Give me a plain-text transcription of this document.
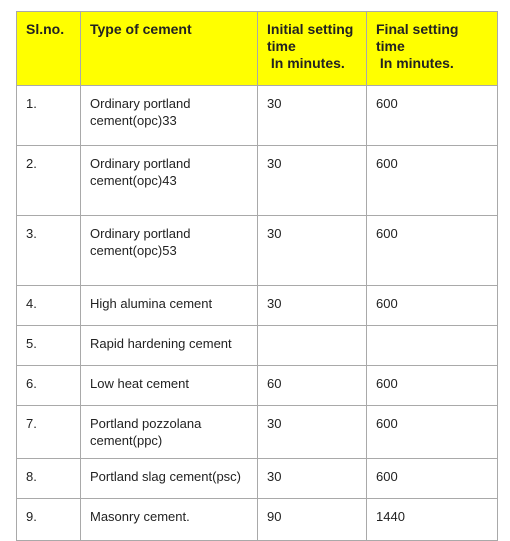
Sl.no.	Type of cement	Initial setting
time
In minutes.	Final setting
time
In minutes.

1.	Ordinary portland
cement(opc)33	30	600
2.	Ordinary portland
cement(opc)43	30	600
3.	Ordinary portland
cement(opc)53	30	600
4.	High alumina cement	30	600
5.	Rapid hardening cement		
6.	Low heat cement	60	600
7.	Portland pozzolana
cement(ppc)	30	600
8.	Portland slag cement(psc)	30	600
9.	Masonry cement.	90	1440
